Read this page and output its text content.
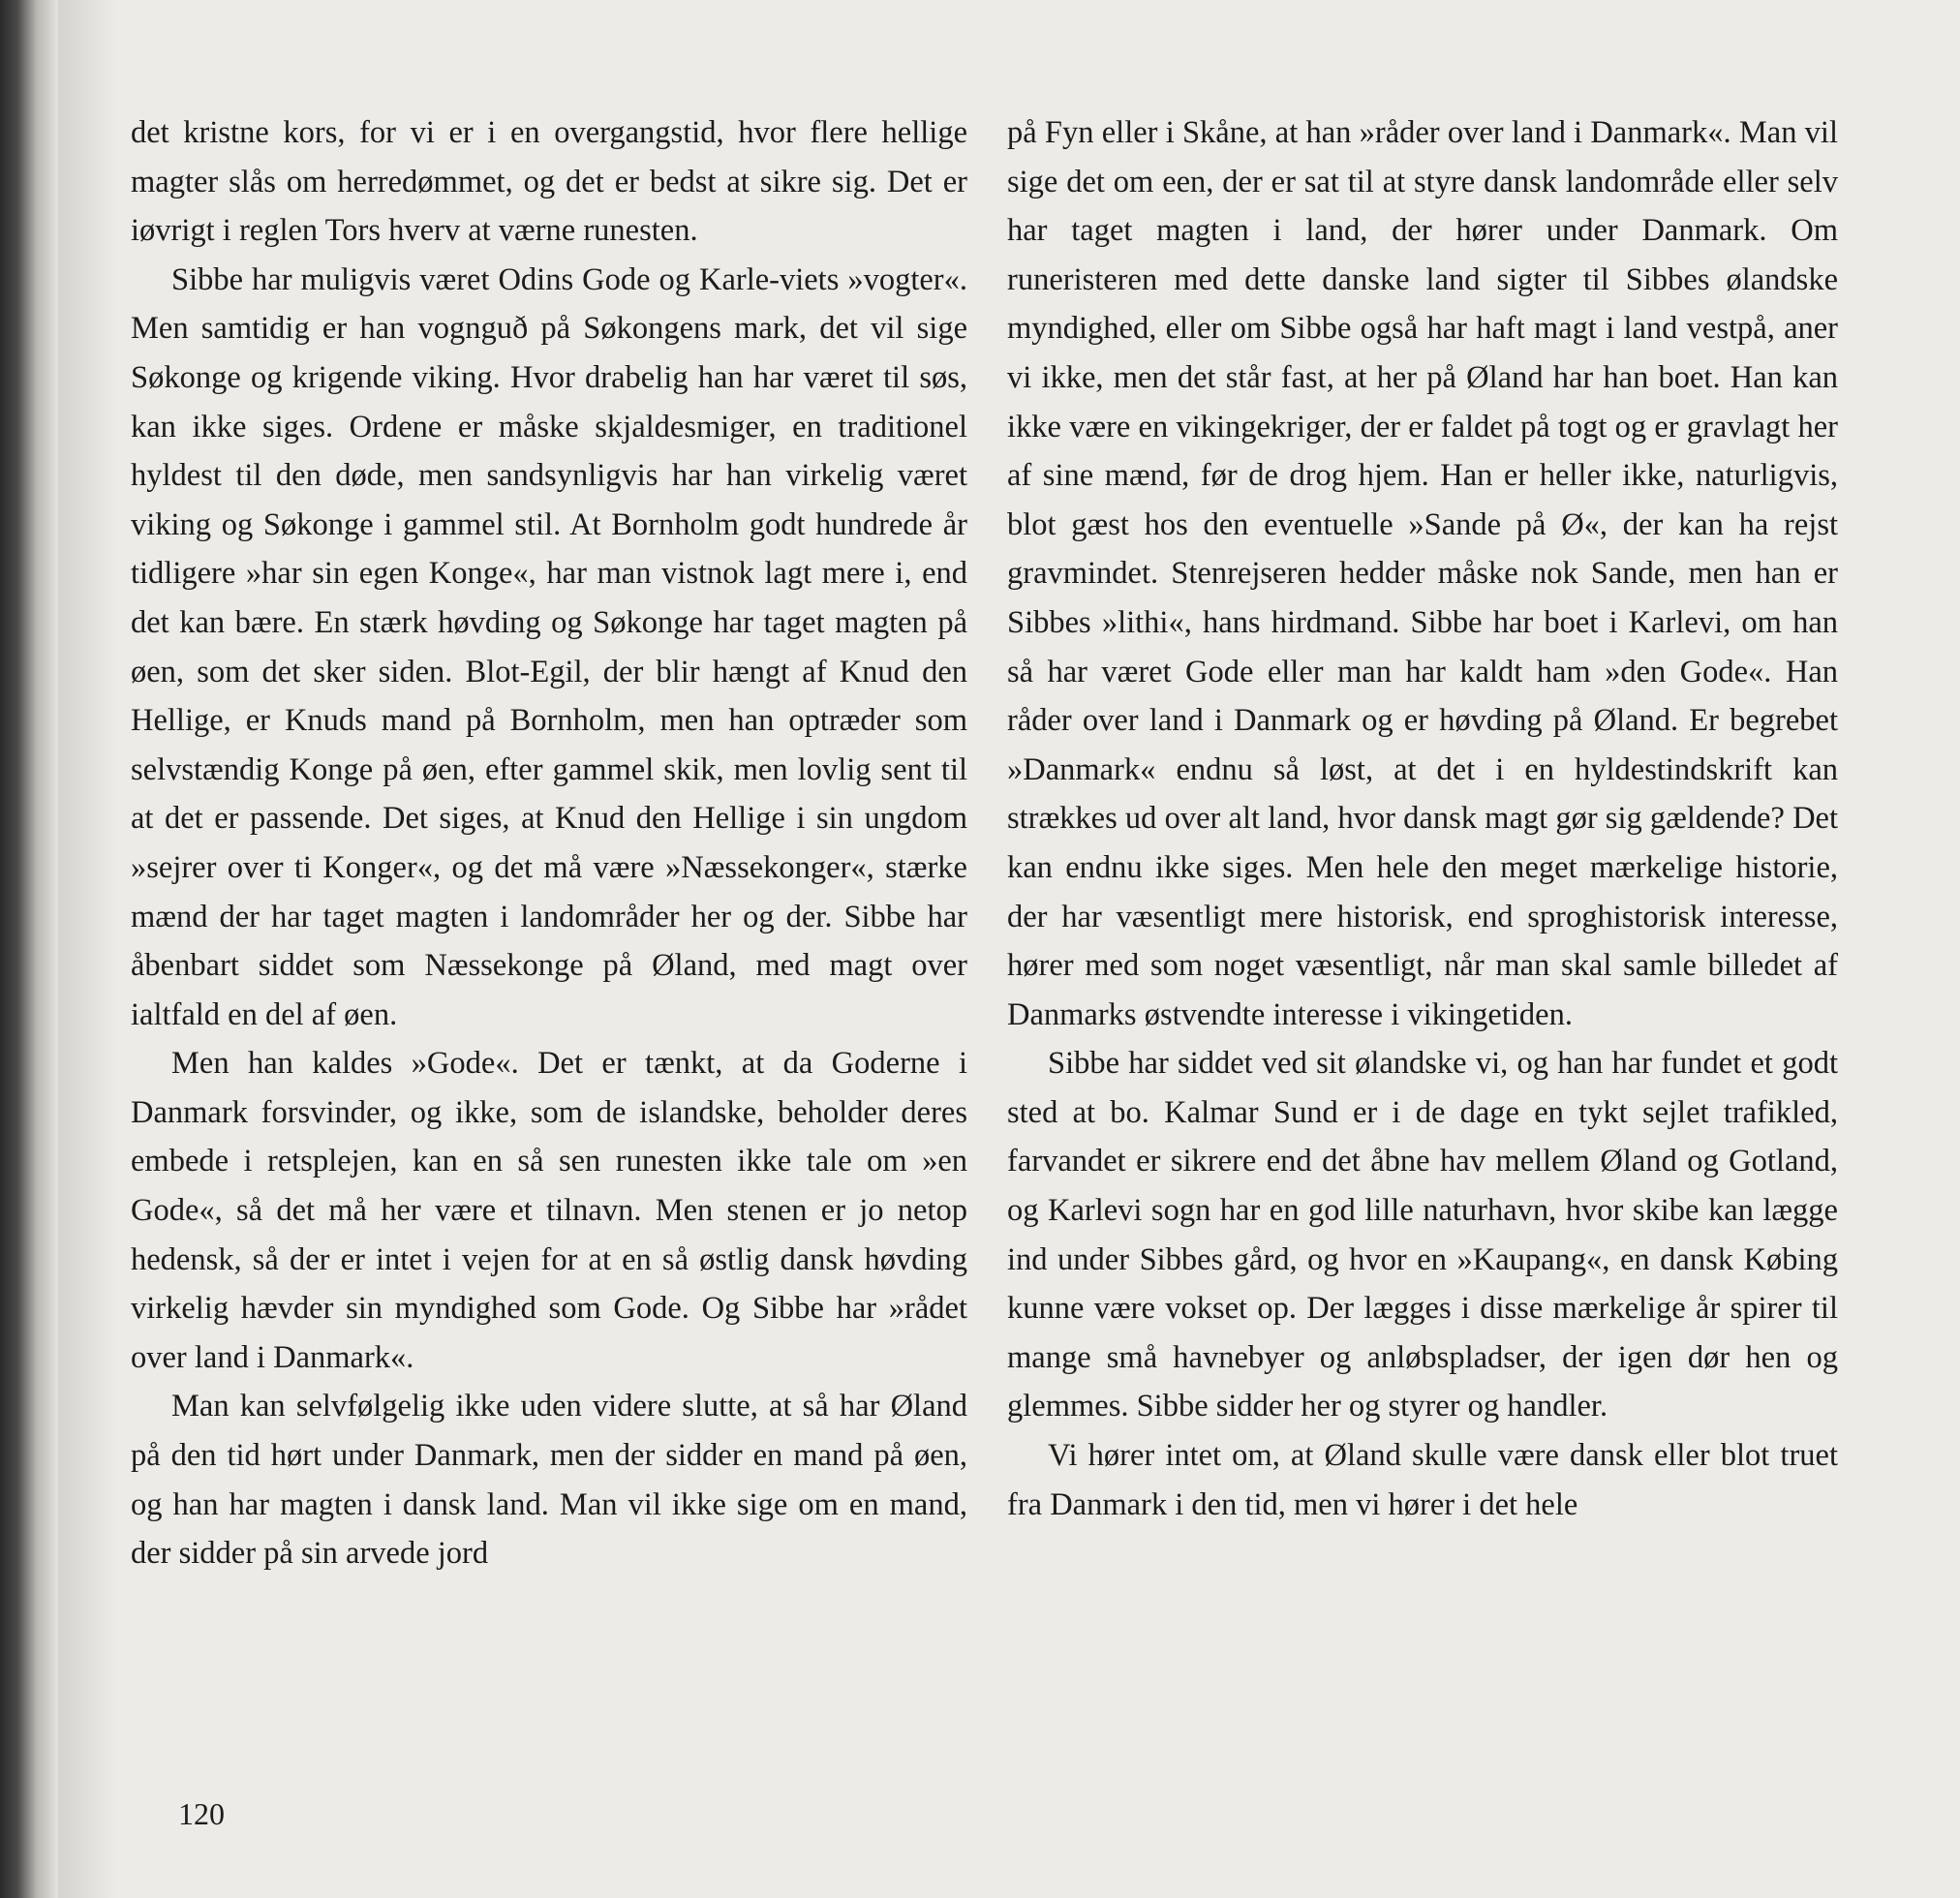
det kristne kors, for vi er i en overgangstid, hvor flere hellige magter slås om herredømmet, og det er bedst at sikre sig. Det er iøvrigt i reglen Tors hverv at værne runesten.

Sibbe har muligvis været Odins Gode og Karle-viets »vogter«. Men samtidig er han vognguð på Søkongens mark, det vil sige Søkonge og krigende viking. Hvor drabelig han har været til søs, kan ikke siges. Ordene er måske skjaldesmiger, en traditionel hyldest til den døde, men sandsynligvis har han virkelig været viking og Søkonge i gammel stil. At Bornholm godt hundrede år tidligere »har sin egen Konge«, har man vistnok lagt mere i, end det kan bære. En stærk høvding og Søkonge har taget magten på øen, som det sker siden. Blot-Egil, der blir hængt af Knud den Hellige, er Knuds mand på Bornholm, men han optræder som selvstændig Konge på øen, efter gammel skik, men lovlig sent til at det er passende. Det siges, at Knud den Hellige i sin ungdom »sejrer over ti Konger«, og det må være »Næssekonger«, stærke mænd der har taget magten i landområder her og der. Sibbe har åbenbart siddet som Næssekonge på Øland, med magt over ialtfald en del af øen.

Men han kaldes »Gode«. Det er tænkt, at da Goderne i Danmark forsvinder, og ikke, som de islandske, beholder deres embede i retsplejen, kan en så sen runesten ikke tale om »en Gode«, så det må her være et tilnavn. Men stenen er jo netop hedensk, så der er intet i vejen for at en så østlig dansk høvding virkelig hævder sin myndighed som Gode. Og Sibbe har »rådet over land i Danmark«.

Man kan selvfølgelig ikke uden videre slutte, at så har Øland på den tid hørt under Danmark, men der sidder en mand på øen, og han har magten i dansk land. Man vil ikke sige om en mand, der sidder på sin arvede jord

på Fyn eller i Skåne, at han »råder over land i Danmark«. Man vil sige det om een, der er sat til at styre dansk landområde eller selv har taget magten i land, der hører under Danmark. Om runeristeren med dette danske land sigter til Sibbes ølandske myndighed, eller om Sibbe også har haft magt i land vestpå, aner vi ikke, men det står fast, at her på Øland har han boet. Han kan ikke være en vikingekriger, der er faldet på togt og er gravlagt her af sine mænd, før de drog hjem. Han er heller ikke, naturligvis, blot gæst hos den eventuelle »Sande på Ø«, der kan ha rejst gravmindet. Stenrejseren hedder måske nok Sande, men han er Sibbes »lithi«, hans hirdmand. Sibbe har boet i Karlevi, om han så har været Gode eller man har kaldt ham »den Gode«. Han råder over land i Danmark og er høvding på Øland. Er begrebet »Danmark« endnu så løst, at det i en hyldestindskrift kan strækkes ud over alt land, hvor dansk magt gør sig gældende? Det kan endnu ikke siges. Men hele den meget mærkelige historie, der har væsentligt mere historisk, end sproghistorisk interesse, hører med som noget væsentligt, når man skal samle billedet af Danmarks østvendte interesse i vikingetiden.

Sibbe har siddet ved sit ølandske vi, og han har fundet et godt sted at bo. Kalmar Sund er i de dage en tykt sejlet trafikled, farvandet er sikrere end det åbne hav mellem Øland og Gotland, og Karlevi sogn har en god lille naturhavn, hvor skibe kan lægge ind under Sibbes gård, og hvor en »Kaupang«, en dansk Købing kunne være vokset op. Der lægges i disse mærkelige år spirer til mange små havnebyer og anløbspladser, der igen dør hen og glemmes. Sibbe sidder her og styrer og handler.

Vi hører intet om, at Øland skulle være dansk eller blot truet fra Danmark i den tid, men vi hører i det hele

120
